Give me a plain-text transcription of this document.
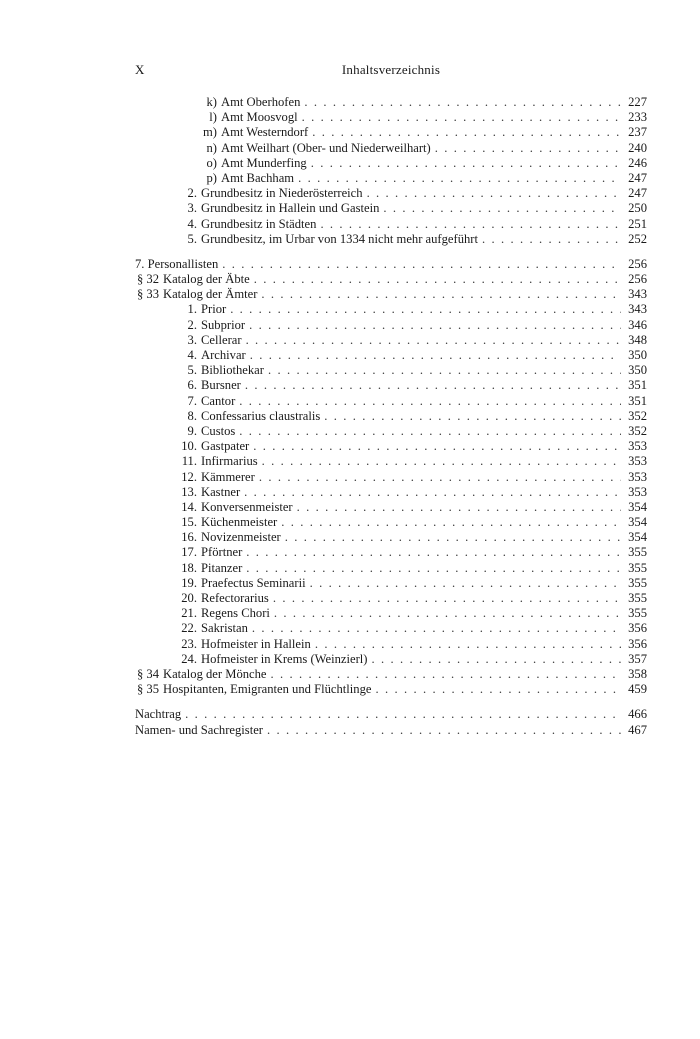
X	Inhaltsverzeichnis
k) Amt Oberhofen . . .	227
l) Amt Moosvogl . . .	233
m) Amt Westerndorf . . .	237
n) Amt Weilhart (Ober- und Niederweilhart) . . .	240
o) Amt Munderfing . . .	246
p) Amt Bachham . . .	247
2. Grundbesitz in Niederösterreich . . .	247
3. Grundbesitz in Hallein und Gastein . . .	250
4. Grundbesitz in Städten . . .	251
5. Grundbesitz, im Urbar von 1334 nicht mehr aufgeführt . . .	252
7. Personallisten . . .	256
§ 32 Katalog der Äbte . . .	256
§ 33 Katalog der Ämter . . .	343
1. Prior . . .	343
2. Subprior . . .	346
3. Cellerar . . .	348
4. Archivar . . .	350
5. Bibliothekar . . .	350
6. Bursner . . .	351
7. Cantor . . .	351
8. Confessarius claustralis . . .	352
9. Custos . . .	352
10. Gastpater . . .	353
11. Infirmarius . . .	353
12. Kämmerer . . .	353
13. Kastner . . .	353
14. Konversenmeister . . .	354
15. Küchenmeister . . .	354
16. Novizenmeister . . .	354
17. Pförtner . . .	355
18. Pitanzer . . .	355
19. Praefectus Seminarii . . .	355
20. Refectorarius . . .	355
21. Regens Chori . . .	355
22. Sakristan . . .	356
23. Hofmeister in Hallein . . .	356
24. Hofmeister in Krems (Weinzierl) . . .	357
§ 34 Katalog der Mönche . . .	358
§ 35 Hospitanten, Emigranten und Flüchtlinge . . .	459
Nachtrag . . .	466
Namen- und Sachregister . . .	467
